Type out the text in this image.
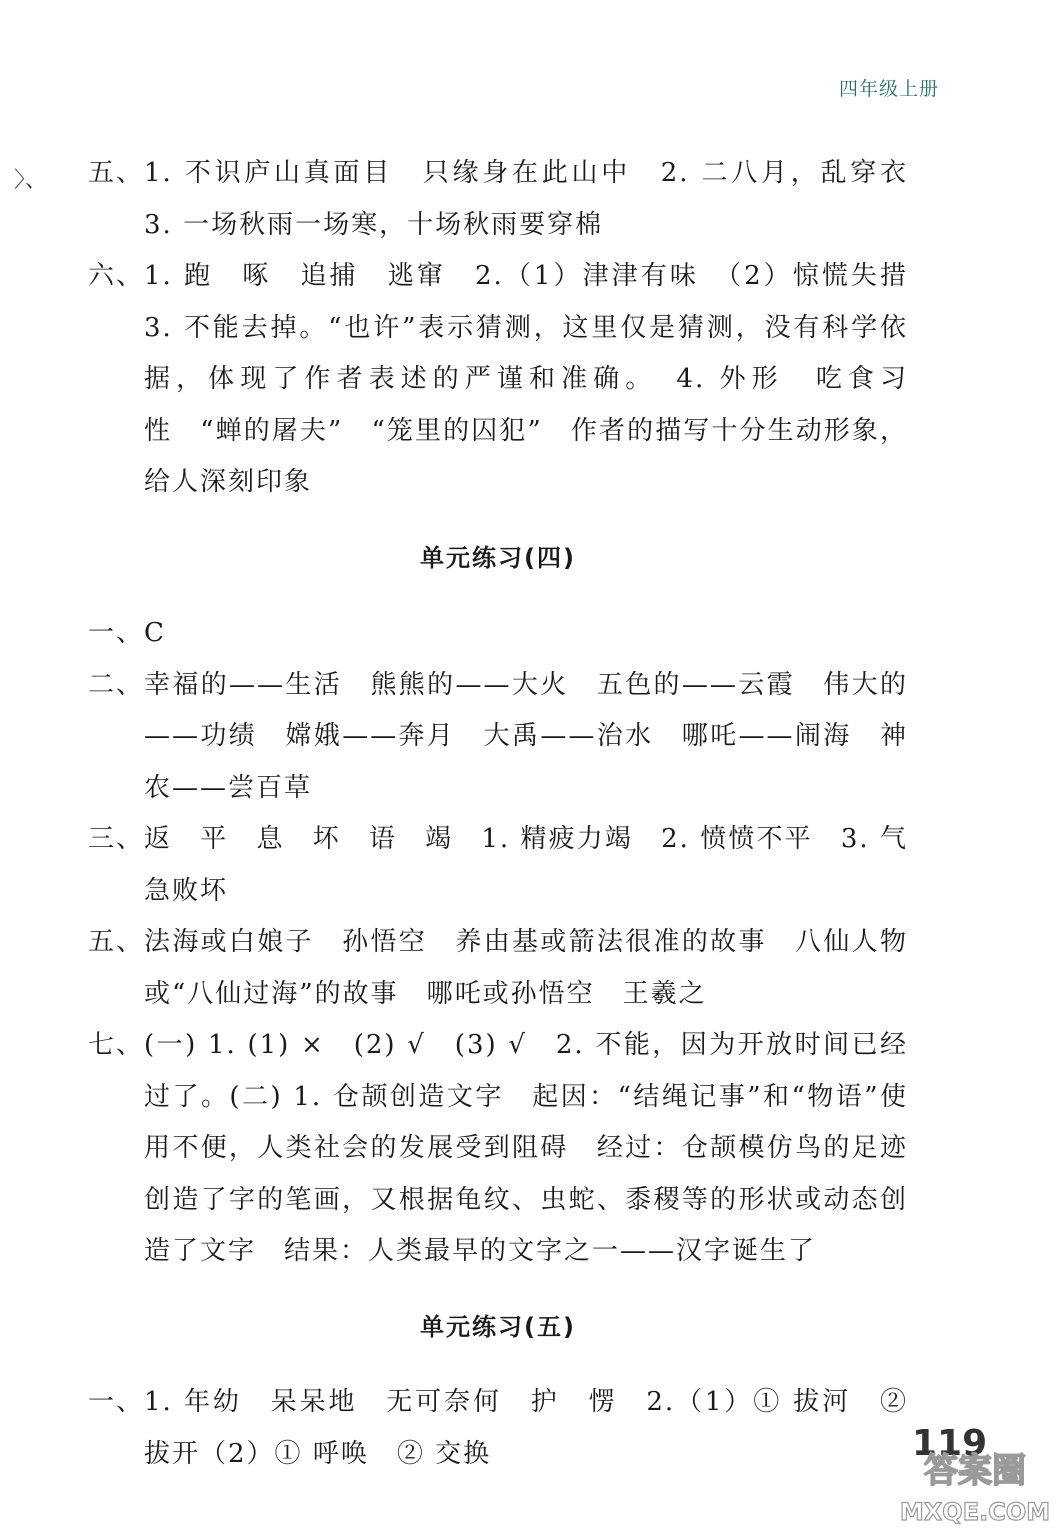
四年级上册
〉、 五、 1. 不识庐山真面目　只缘身在此山中　2. 二八月，乱穿衣　3. 一场秋雨一场寒，十场秋雨要穿棉
六、 1. 跑　啄　追捕　逃窜　2.（1）津津有味　（2）惊慌失措　3. 不能去掉。“也许”表示猜测，这里仅是猜测，没有科学依据，体现了作者表述的严谨和准确。　4. 外形　吃食习性　“蝉的屠夫”　“笼里的囚犯”　作者的描写十分生动形象，给人深刻印象
单元练习(四)
一、 C
二、 幸福的——生活　熊熊的——大火　五色的——云霞　伟大的——功绩　嫦娥——奔月　大禹——治水　哪吒——闹海　神农——尝百草
三、 返　平　息　坏　语　竭　1. 精疲力竭　2. 愤愤不平　3. 气急败坏
五、 法海或白娘子　孙悟空　养由基或箭法很准的故事　八仙人物或“八仙过海”的故事　哪吒或孙悟空　王羲之
七、 (一) 1. (1) ×　(2) √　(3) √　2. 不能，因为开放时间已经过了。(二) 1. 仓颉创造文字　起因：“结绳记事”和“物语”使用不便，人类社会的发展受到阻碍　经过：仓颉模仿鸟的足迹创造了字的笔画，又根据龟纹、虫蛇、黍稷等的形状或动态创造了文字　结果：人类最早的文字之一——汉字诞生了
单元练习(五)
一、 1. 年幼　呆呆地　无可奈何　护　愣　2.（1）① 拔河　② 拔开（2）① 呼唤　② 交换	119
答案圈
MXQE.COM
